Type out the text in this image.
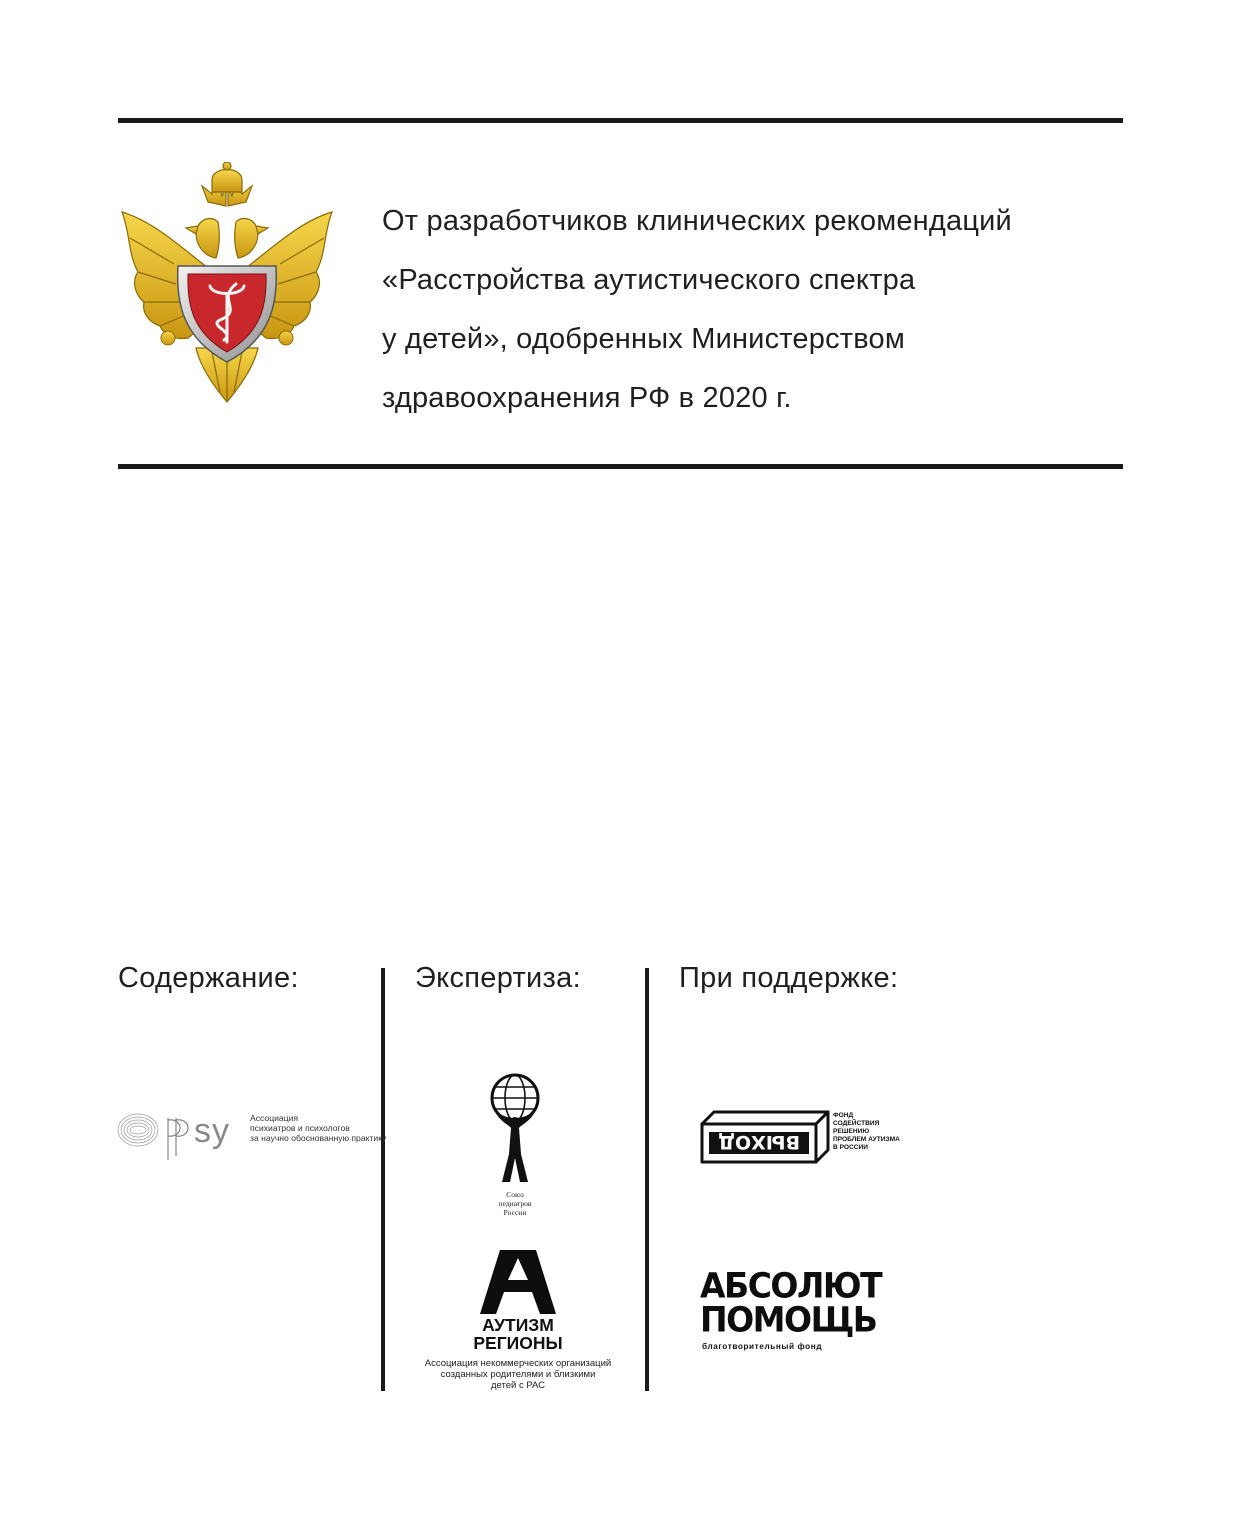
От разработчиков клинических рекомендаций
«Расстройства аутистического спектра
у детей», одобренных Министерством
здравоохранения РФ в 2020 г.

Содержание:	Экспертиза:	При поддержке:
sy Ассоциация
психиатров и психологов
за научно обоснованную практику
Союз
педиатров
России
АУТИЗМ
РЕГИОНЫ
Ассоциация некоммерческих организаций
созданных родителями и близкими
детей с РАС
ВЫХОД
ФОНД
СОДЕЙСТВИЯ
РЕШЕНИЮ
ПРОБЛЕМ АУТИЗМА
В РОССИИ
АБСОЛЮТ
ПОМОЩЬ
благотворительный фонд
